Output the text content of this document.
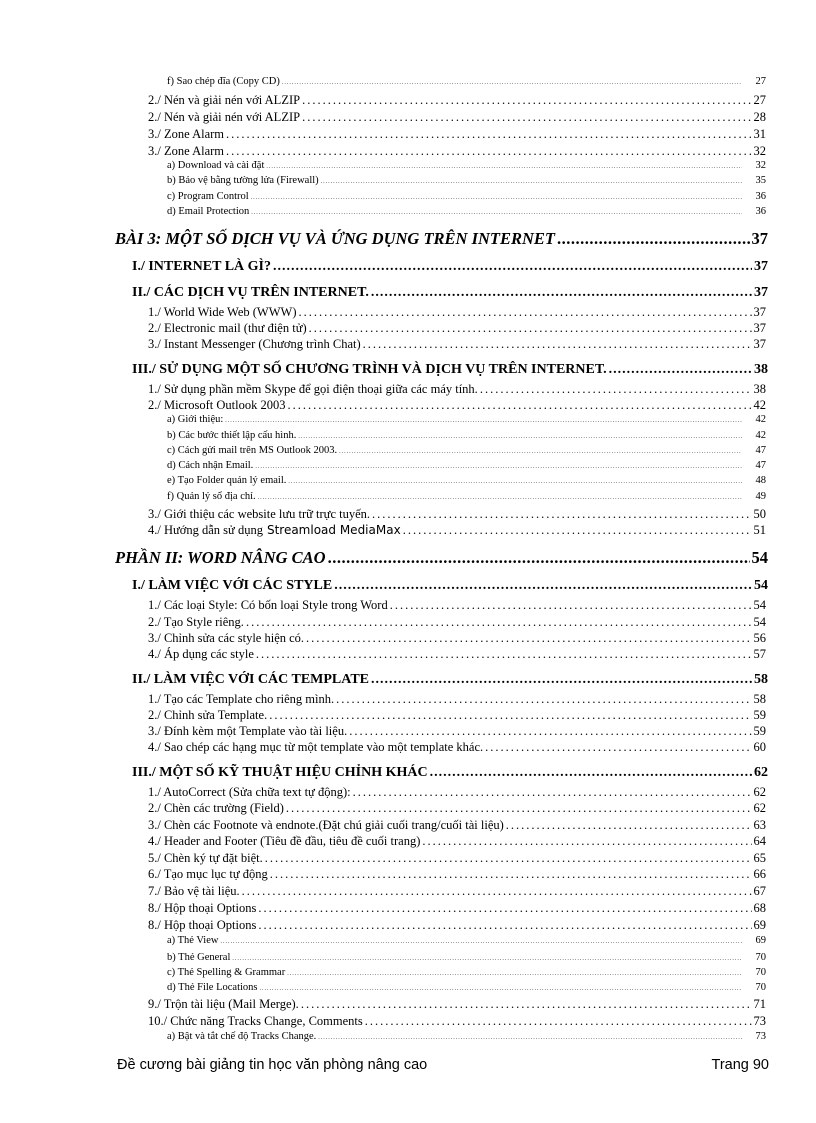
f) Sao chép đĩa (Copy CD) .....	27
2./ Nén và giải nén với ALZIP .....	27
2./ Nén và giải nén với ALZIP .....	28
3./ Zone Alarm .....	31
3./ Zone Alarm .....	32
a) Download và cài đặt .....	32
b) Bảo vệ bằng tường lửa (Firewall) .....	35
c) Program Control .....	36
d) Email Protection .....	36
BÀI 3: MỘT SỐ DỊCH VỤ VÀ ỨNG DỤNG TRÊN INTERNET .....	37
I./ INTERNET LÀ GÌ? .....	37
II./ CÁC DỊCH VỤ TRÊN INTERNET. .....	37
1./ World Wide Web (WWW) .....	37
2./ Electronic mail (thư điện tử) .....	37
3./ Instant Messenger (Chương trình Chat) .....	37
III./ SỬ DỤNG MỘT SỐ CHƯƠNG TRÌNH VÀ DỊCH VỤ TRÊN INTERNET. .....	38
1./ Sử dụng phần mềm Skype để gọi điện thoại giữa các máy tính. .....	38
2./ Microsoft Outlook 2003 .....	42
a) Giới thiệu: .....	42
b) Các bước thiết lập cấu hình. .....	42
c) Cách gửi mail trên MS Outlook 2003. .....	47
d) Cách nhận Email. .....	47
e) Tạo Folder quản lý email. .....	48
f) Quản lý sổ địa chỉ. .....	49
3./ Giới thiệu các website lưu trữ trực tuyến. .....	50
4./ Hướng dẫn sử dụng Streamload MediaMax .....	51
PHẦN II: WORD NÂNG CAO .....	54
I./ LÀM VIỆC VỚI CÁC STYLE .....	54
1./ Các loại Style: Có bốn loại Style trong Word .....	54
2./ Tạo Style riêng. .....	54
3./ Chỉnh sửa các style hiện có. .....	56
4./ Áp dụng các style .....	57
II./ LÀM VIỆC VỚI CÁC TEMPLATE .....	58
1./ Tạo các Template cho riêng mình. .....	58
2./ Chỉnh sửa Template. .....	59
3./ Đính kèm một Template vào tài liệu. .....	59
4./ Sao chép các hạng mục từ một template vào một template khác. .....	60
III./ MỘT SỐ KỸ THUẬT HIỆU CHỈNH KHÁC .....	62
1./ AutoCorrect (Sửa chữa text tự động): .....	62
2./ Chèn các trường (Field) .....	62
3./ Chèn các Footnote và endnote.(Đặt chú giải cuối trang/cuối tài liệu) .....	63
4./ Header and Footer (Tiêu đề đầu, tiêu đề cuối trang) .....	64
5./ Chèn ký tự đặt biệt. .....	65
6./ Tạo mục lục tự động .....	66
7./ Bảo vệ tài liệu. .....	67
8./ Hộp thoại Options .....	68
8./ Hộp thoại Options .....	69
a) Thẻ View .....	69
b) Thẻ General .....	70
c) Thẻ Spelling & Grammar .....	70
d) Thẻ File Locations .....	70
9./ Trộn tài liệu (Mail Merge). .....	71
10./ Chức năng Tracks Change, Comments .....	73
a) Bật và tắt chế độ Tracks Change. .....	73
Đề cương bài giảng tin học văn phòng nâng cao	Trang 90
